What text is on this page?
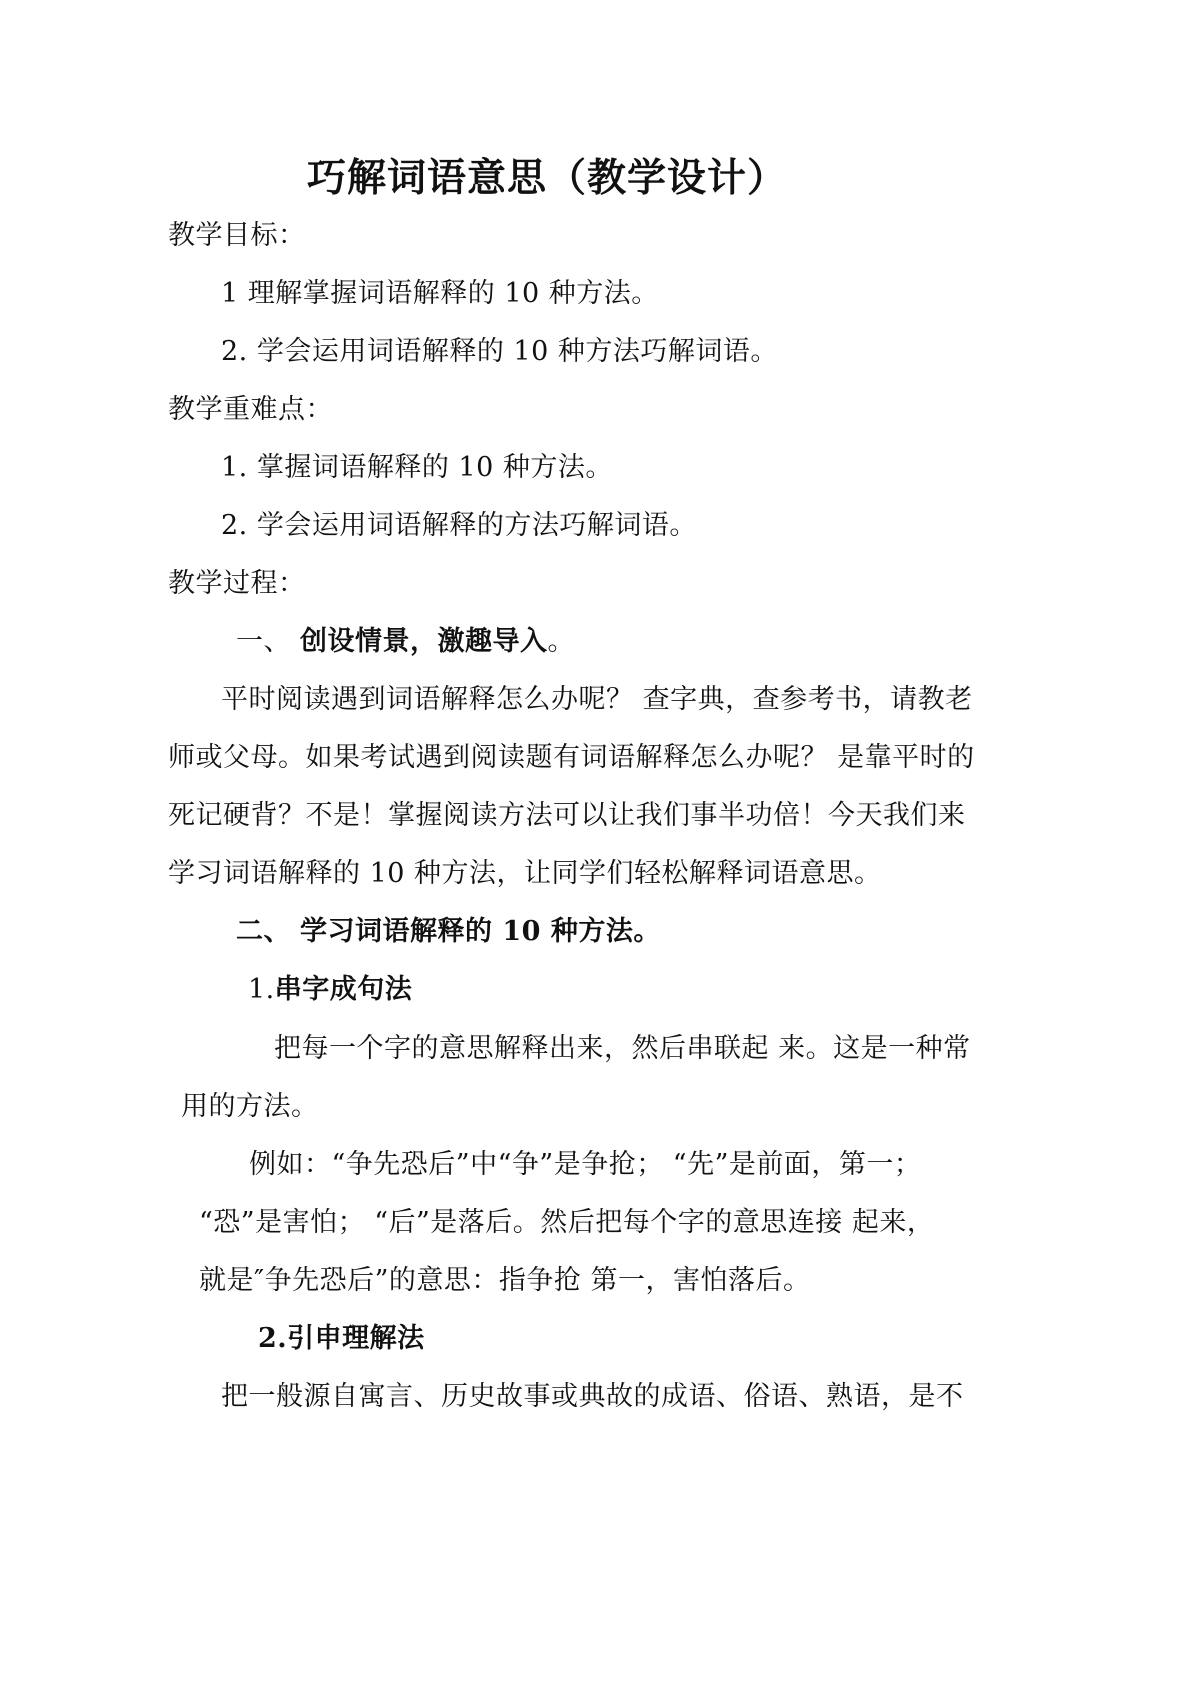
巧解词语意思（教学设计）

教学目标：

1 理解掌握词语解释的 10 种方法。

2. 学会运用词语解释的 10 种方法巧解词语。

教学重难点：

1. 掌握词语解释的 10 种方法。

2. 学会运用词语解释的方法巧解词语。

教学过程：

一、 创设情景，激趣导入。

平时阅读遇到词语解释怎么办呢？ 查字典，查参考书，请教老

师或父母。如果考试遇到阅读题有词语解释怎么办呢？ 是靠平时的

死记硬背？不是！掌握阅读方法可以让我们事半功倍！今天我们来

学习词语解释的 10 种方法，让同学们轻松解释词语意思。

二、 学习词语解释的 10 种方法。

1.串字成句法

把每一个字的意思解释出来，然后串联起 来。这是一种常

用的方法。

例如：“争先恐后”中“争”是争抢； “先”是前面，第一；

“恐”是害怕； “后”是落后。然后把每个字的意思连接 起来，

就是″争先恐后”的意思：指争抢 第一，害怕落后。

2.引申理解法

把一般源自寓言、历史故事或典故的成语、俗语、熟语，是不
